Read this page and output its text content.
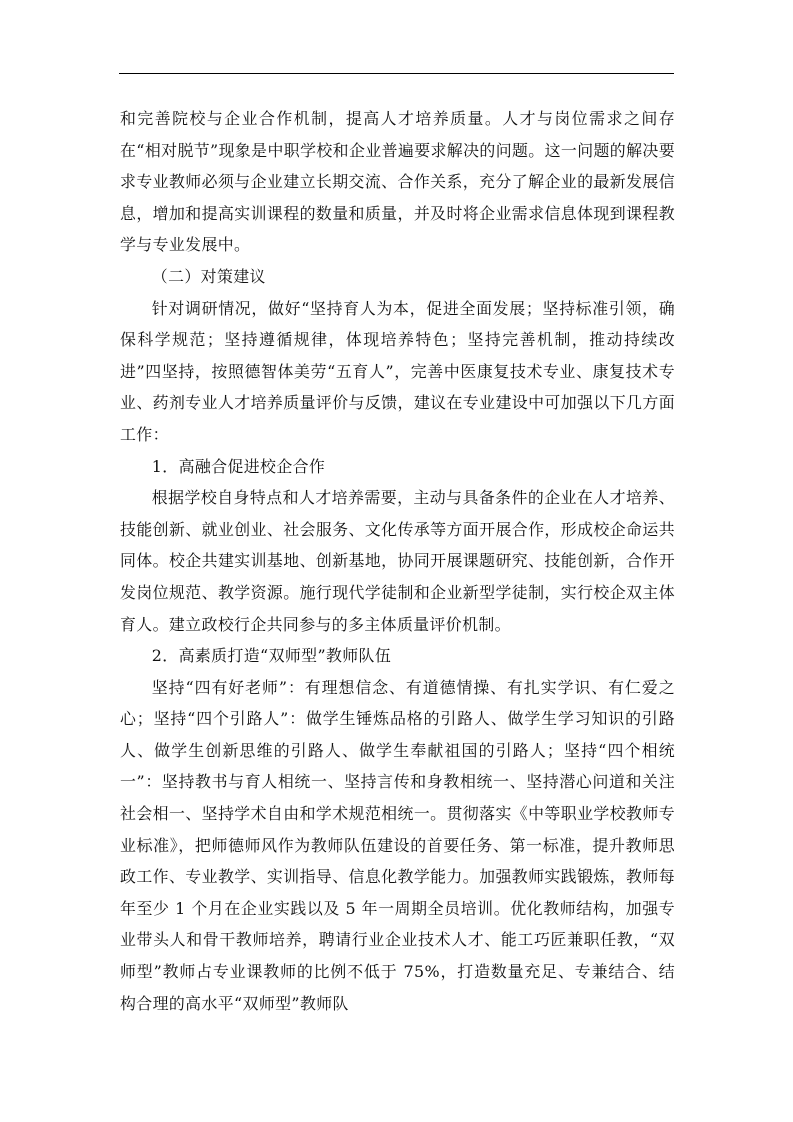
和完善院校与企业合作机制，提高人才培养质量。人才与岗位需求之间存在“相对脱节”现象是中职学校和企业普遍要求解决的问题。这一问题的解决要求专业教师必须与企业建立长期交流、合作关系，充分了解企业的最新发展信息，增加和提高实训课程的数量和质量，并及时将企业需求信息体现到课程教学与专业发展中。

（二）对策建议

针对调研情况，做好“坚持育人为本，促进全面发展；坚持标准引领，确保科学规范；坚持遵循规律，体现培养特色；坚持完善机制，推动持续改进”四坚持，按照德智体美劳“五育人”，完善中医康复技术专业、康复技术专业、药剂专业人才培养质量评价与反馈，建议在专业建设中可加强以下几方面工作：

1．高融合促进校企合作

根据学校自身特点和人才培养需要，主动与具备条件的企业在人才培养、技能创新、就业创业、社会服务、文化传承等方面开展合作，形成校企命运共同体。校企共建实训基地、创新基地，协同开展课题研究、技能创新，合作开发岗位规范、教学资源。施行现代学徒制和企业新型学徒制，实行校企双主体育人。建立政校行企共同参与的多主体质量评价机制。

2．高素质打造“双师型”教师队伍

坚持“四有好老师”：有理想信念、有道德情操、有扎实学识、有仁爱之心；坚持“四个引路人”：做学生锤炼品格的引路人、做学生学习知识的引路人、做学生创新思维的引路人、做学生奉献祖国的引路人；坚持“四个相统一”：坚持教书与育人相统一、坚持言传和身教相统一、坚持潜心问道和关注社会相一、坚持学术自由和学术规范相统一。贯彻落实《中等职业学校教师专业标准》，把师德师风作为教师队伍建设的首要任务、第一标准，提升教师思政工作、专业教学、实训指导、信息化教学能力。加强教师实践锻炼，教师每年至少 1 个月在企业实践以及 5 年一周期全员培训。优化教师结构，加强专业带头人和骨干教师培养，聘请行业企业技术人才、能工巧匠兼职任教，“双师型”教师占专业课教师的比例不低于 75%，打造数量充足、专兼结合、结构合理的高水平“双师型”教师队
